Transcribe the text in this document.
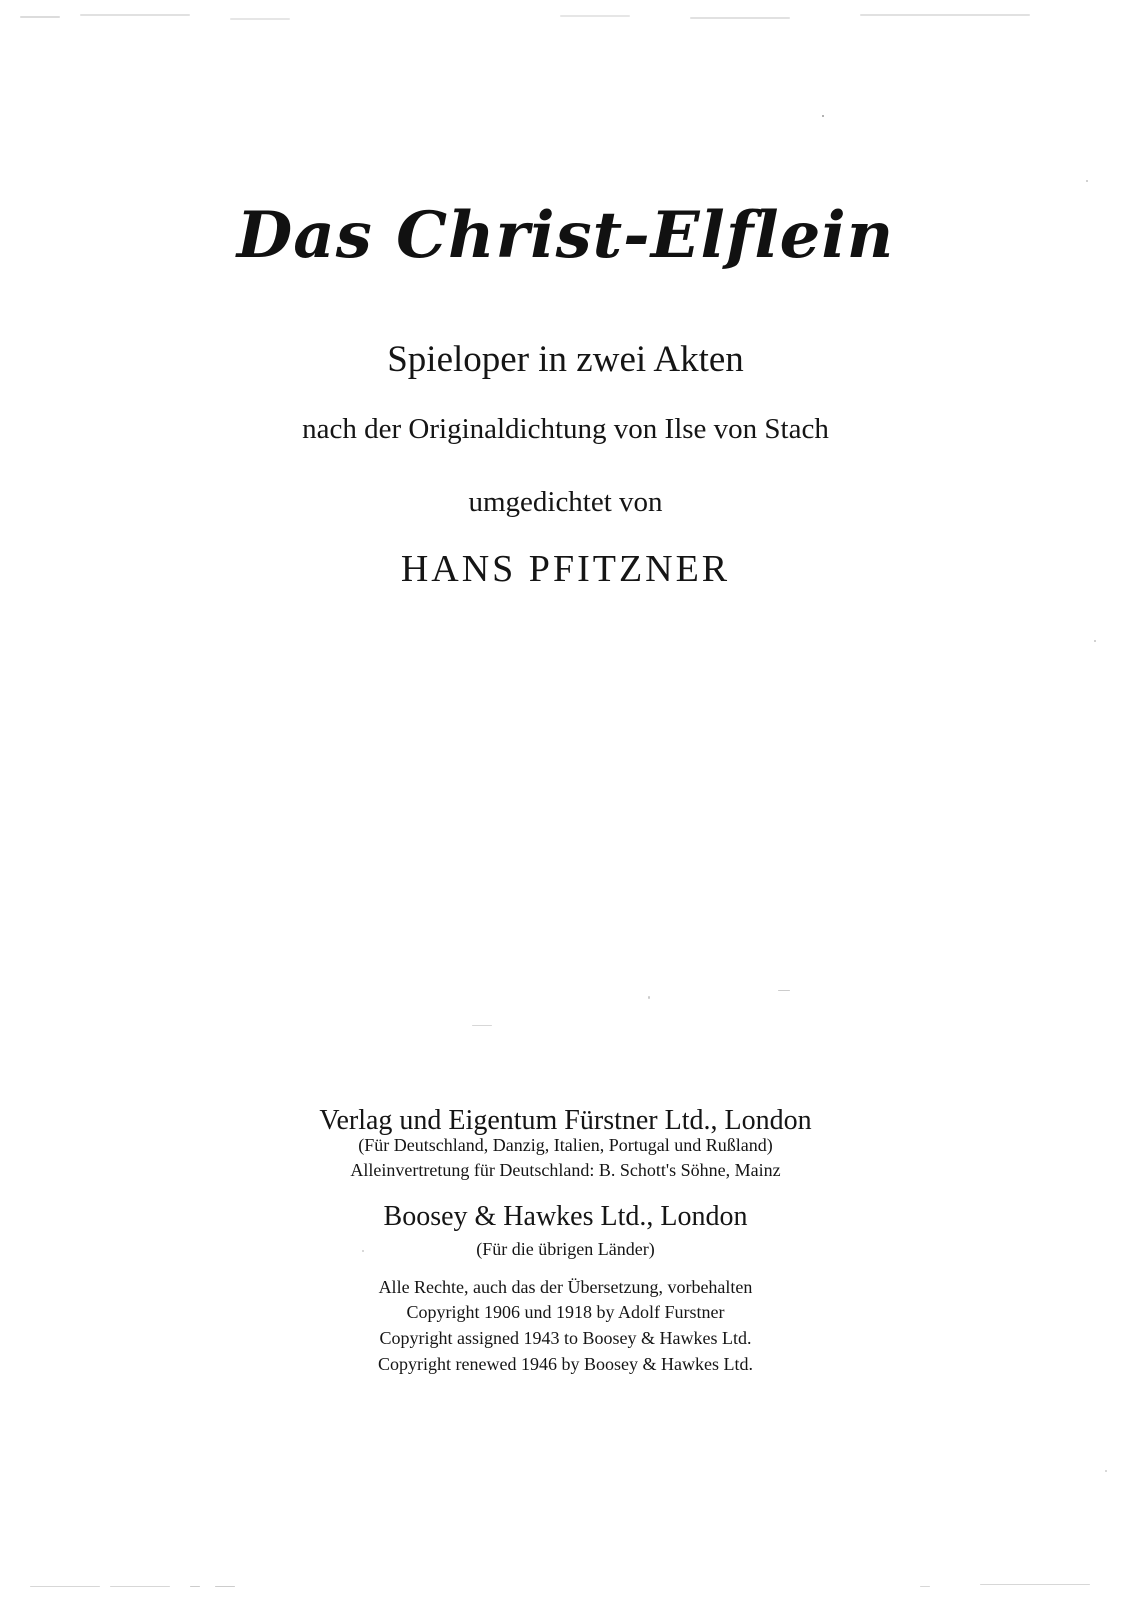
Das Christ-Elflein
Spieloper in zwei Akten
nach der Originaldichtung von Ilse von Stach
umgedichtet von
HANS PFITZNER
Verlag und Eigentum Fürstner Ltd., London
(Für Deutschland, Danzig, Italien, Portugal und Rußland)
Alleinvertretung für Deutschland: B. Schott's Söhne, Mainz
Boosey & Hawkes Ltd., London
(Für die übrigen Länder)
Alle Rechte, auch das der Übersetzung, vorbehalten
Copyright 1906 und 1918 by Adolf Furstner
Copyright assigned 1943 to Boosey & Hawkes Ltd.
Copyright renewed 1946 by Boosey & Hawkes Ltd.
